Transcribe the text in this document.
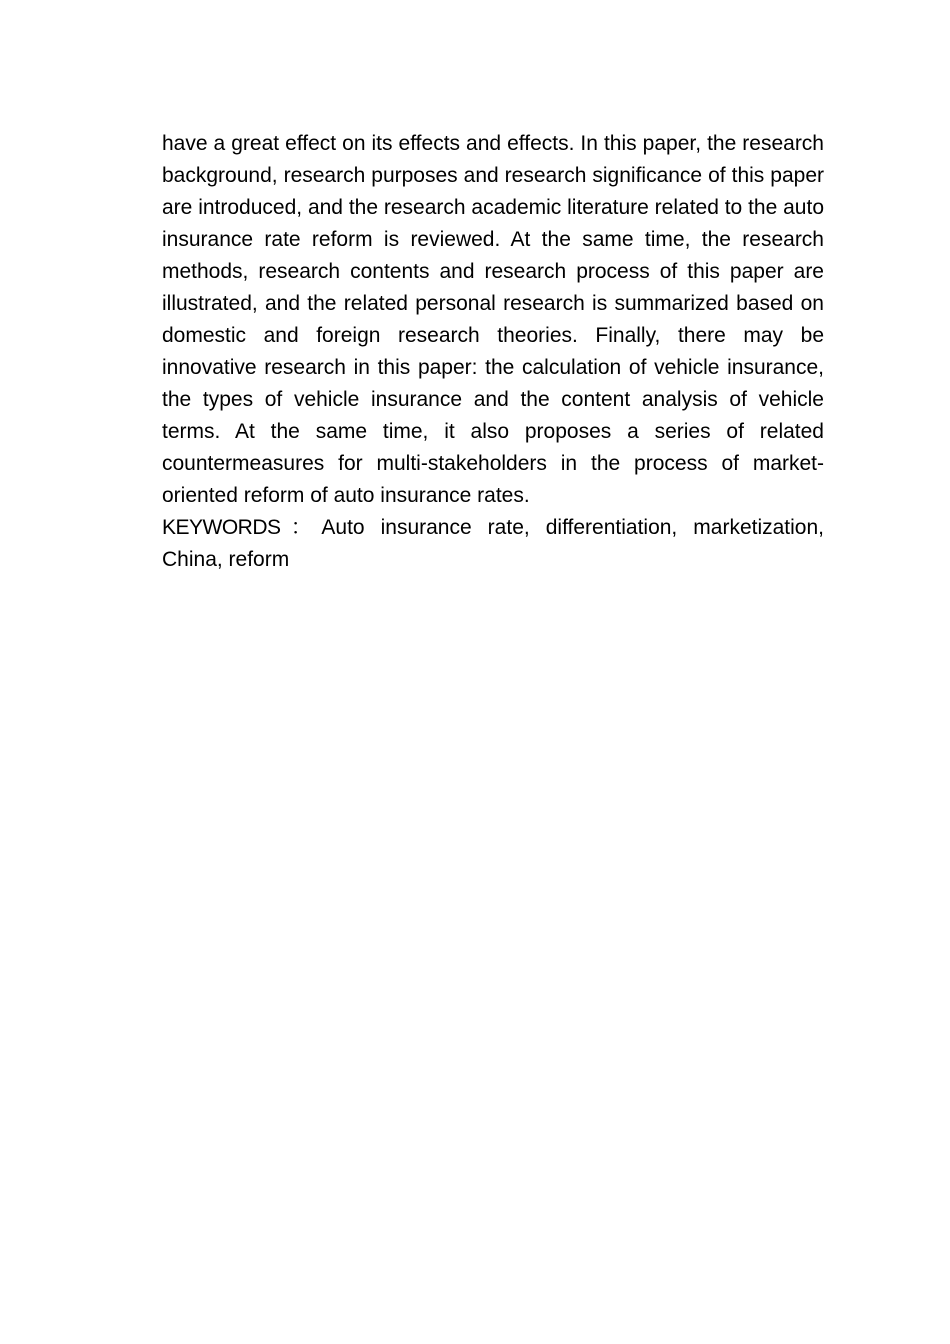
have a great effect on its effects and effects. In this paper, the research background, research purposes and research significance of this paper are introduced, and the research academic literature related to the auto insurance rate reform is reviewed. At the same time, the research methods, research contents and research process of this paper are illustrated, and the related personal research is summarized based on domestic and foreign research theories. Finally, there may be innovative research in this paper: the calculation of vehicle insurance, the types of vehicle insurance and the content analysis of vehicle terms. At the same time, it also proposes a series of related countermeasures for multi-stakeholders in the process of market-oriented reform of auto insurance rates.

KEYWORDS：Auto insurance rate, differentiation, marketization, China, reform
